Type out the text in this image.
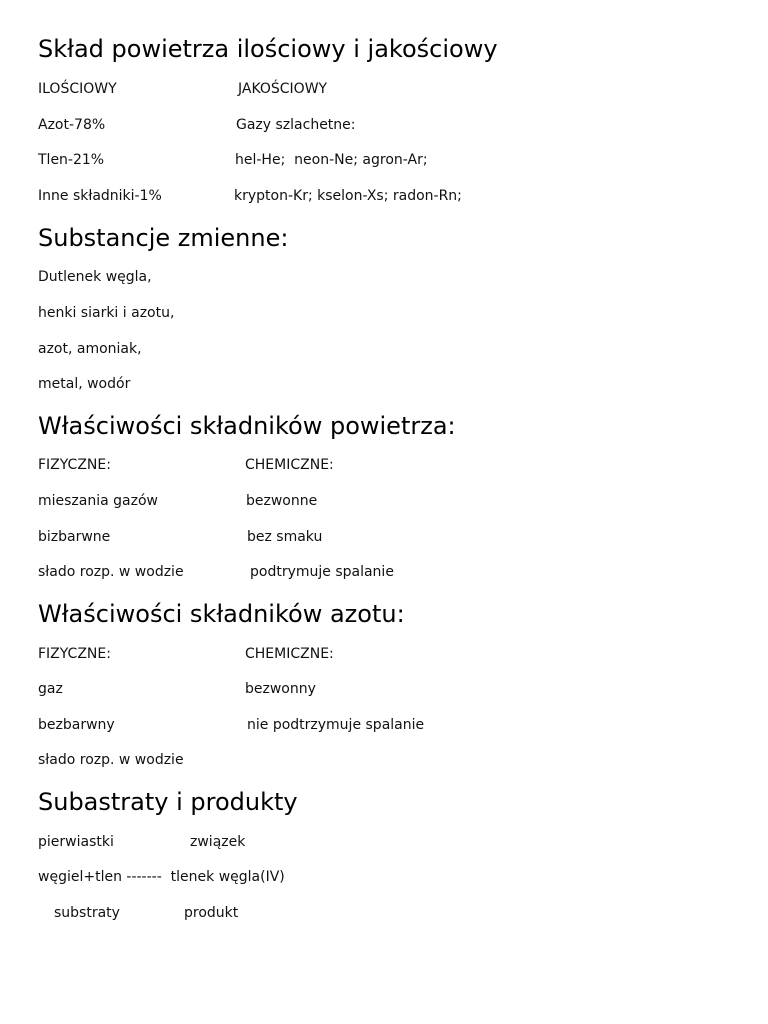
Skład powietrza ilościowy i jakościowy

ILOŚCIOWY	JAKOŚCIOWY

Azot-78%	Gazy szlachetne:

Tlen-21%	hel-He;  neon-Ne; agron-Ar;

Inne składniki-1%	krypton-Kr; kselon-Xs; radon-Rn;

Substancje zmienne:

Dutlenek węgla,

henki siarki i azotu,

azot, amoniak,

metal, wodór

Właściwości składników powietrza:

FIZYCZNE:	CHEMICZNE:

mieszania gazów	bezwonne

bizbarwne	bez smaku

słado rozp. w wodzie	podtrymuje spalanie

Właściwości składników azotu:

FIZYCZNE:	CHEMICZNE:

gaz	bezwonny

bezbarwny	nie podtrzymuje spalanie

słado rozp. w wodzie

Subastraty i produkty

pierwiastki	związek

węgiel+tlen -------  tlenek węgla(IV)

substraty	produkt
